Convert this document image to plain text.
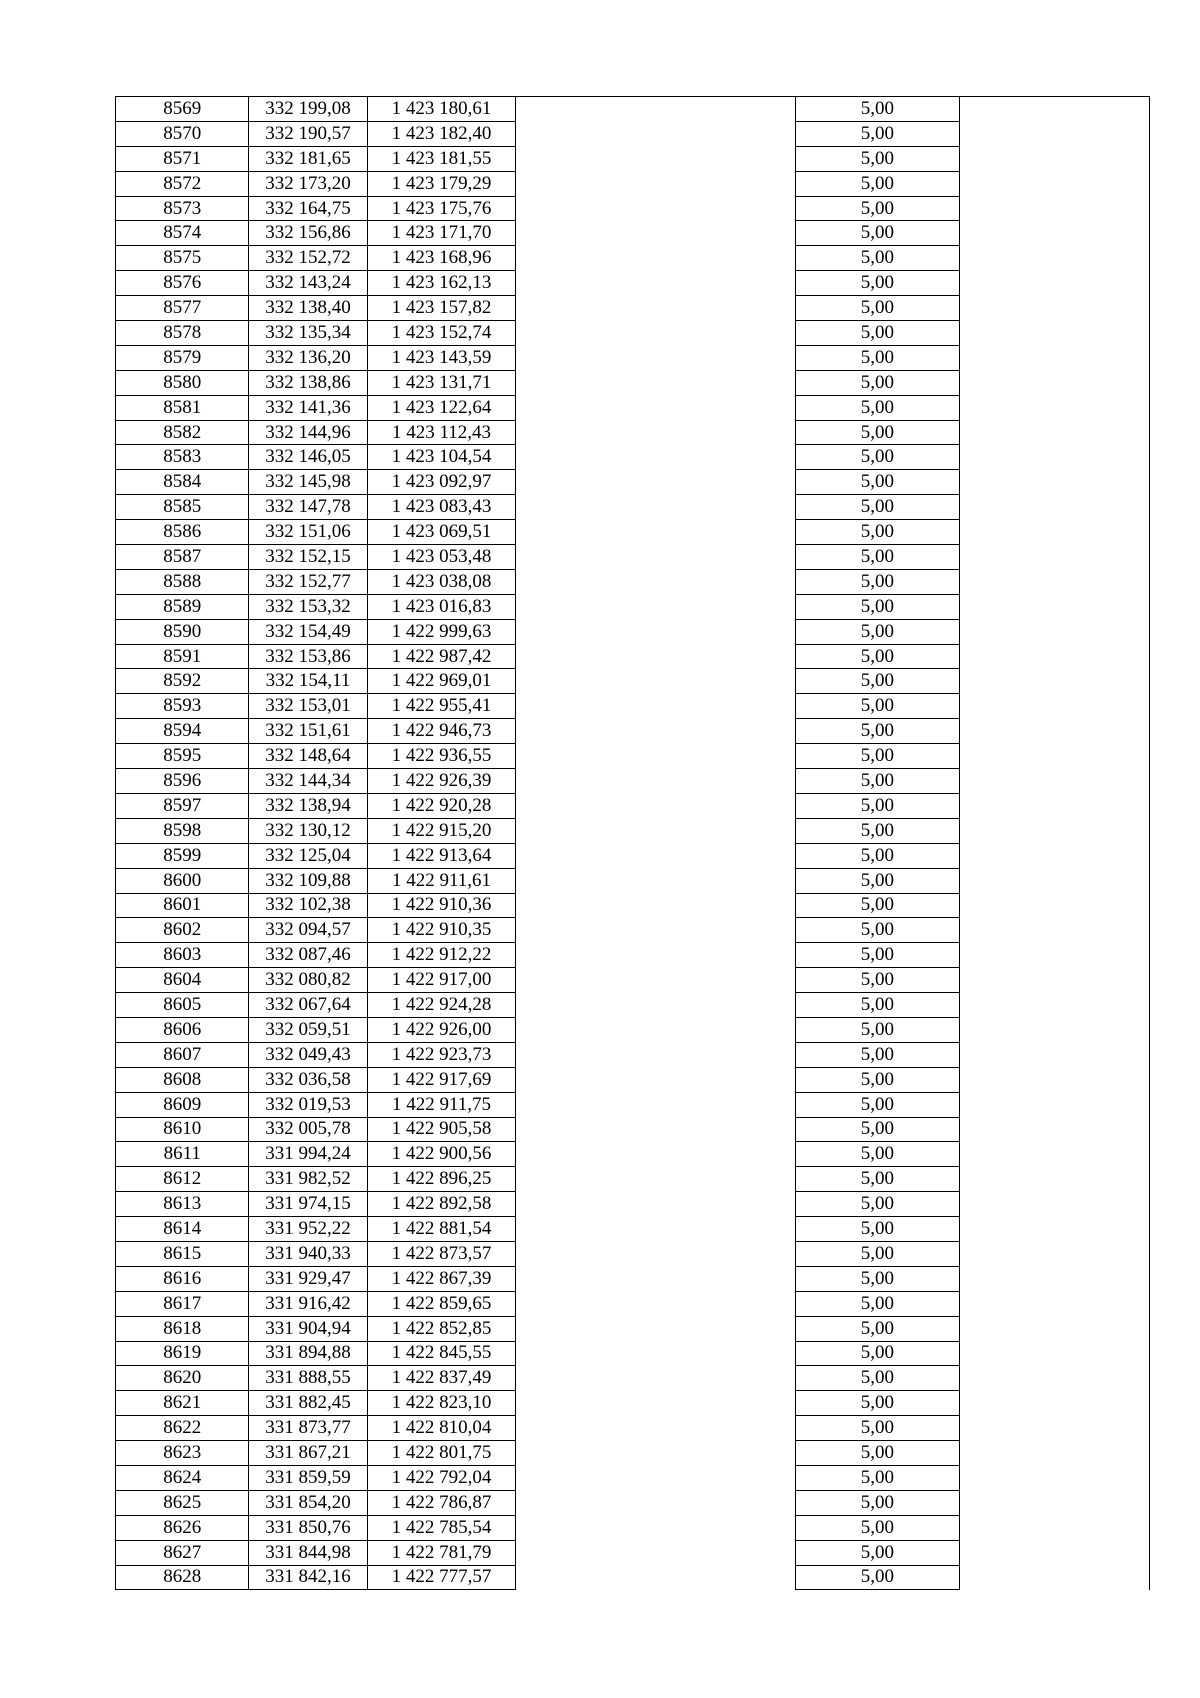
8569	332 199,08	1 423 180,61		5,00	
8570	332 190,57	1 423 182,40		5,00	
8571	332 181,65	1 423 181,55		5,00	
8572	332 173,20	1 423 179,29		5,00	
8573	332 164,75	1 423 175,76		5,00	
8574	332 156,86	1 423 171,70		5,00	
8575	332 152,72	1 423 168,96		5,00	
8576	332 143,24	1 423 162,13		5,00	
8577	332 138,40	1 423 157,82		5,00	
8578	332 135,34	1 423 152,74		5,00	
8579	332 136,20	1 423 143,59		5,00	
8580	332 138,86	1 423 131,71		5,00	
8581	332 141,36	1 423 122,64		5,00	
8582	332 144,96	1 423 112,43		5,00	
8583	332 146,05	1 423 104,54		5,00	
8584	332 145,98	1 423 092,97		5,00	
8585	332 147,78	1 423 083,43		5,00	
8586	332 151,06	1 423 069,51		5,00	
8587	332 152,15	1 423 053,48		5,00	
8588	332 152,77	1 423 038,08		5,00	
8589	332 153,32	1 423 016,83		5,00	
8590	332 154,49	1 422 999,63		5,00	
8591	332 153,86	1 422 987,42		5,00	
8592	332 154,11	1 422 969,01		5,00	
8593	332 153,01	1 422 955,41		5,00	
8594	332 151,61	1 422 946,73		5,00	
8595	332 148,64	1 422 936,55		5,00	
8596	332 144,34	1 422 926,39		5,00	
8597	332 138,94	1 422 920,28		5,00	
8598	332 130,12	1 422 915,20		5,00	
8599	332 125,04	1 422 913,64		5,00	
8600	332 109,88	1 422 911,61		5,00	
8601	332 102,38	1 422 910,36		5,00	
8602	332 094,57	1 422 910,35		5,00	
8603	332 087,46	1 422 912,22		5,00	
8604	332 080,82	1 422 917,00		5,00	
8605	332 067,64	1 422 924,28		5,00	
8606	332 059,51	1 422 926,00		5,00	
8607	332 049,43	1 422 923,73		5,00	
8608	332 036,58	1 422 917,69		5,00	
8609	332 019,53	1 422 911,75		5,00	
8610	332 005,78	1 422 905,58		5,00	
8611	331 994,24	1 422 900,56		5,00	
8612	331 982,52	1 422 896,25		5,00	
8613	331 974,15	1 422 892,58		5,00	
8614	331 952,22	1 422 881,54		5,00	
8615	331 940,33	1 422 873,57		5,00	
8616	331 929,47	1 422 867,39		5,00	
8617	331 916,42	1 422 859,65		5,00	
8618	331 904,94	1 422 852,85		5,00	
8619	331 894,88	1 422 845,55		5,00	
8620	331 888,55	1 422 837,49		5,00	
8621	331 882,45	1 422 823,10		5,00	
8622	331 873,77	1 422 810,04		5,00	
8623	331 867,21	1 422 801,75		5,00	
8624	331 859,59	1 422 792,04		5,00	
8625	331 854,20	1 422 786,87		5,00	
8626	331 850,76	1 422 785,54		5,00	
8627	331 844,98	1 422 781,79		5,00	
8628	331 842,16	1 422 777,57		5,00	
